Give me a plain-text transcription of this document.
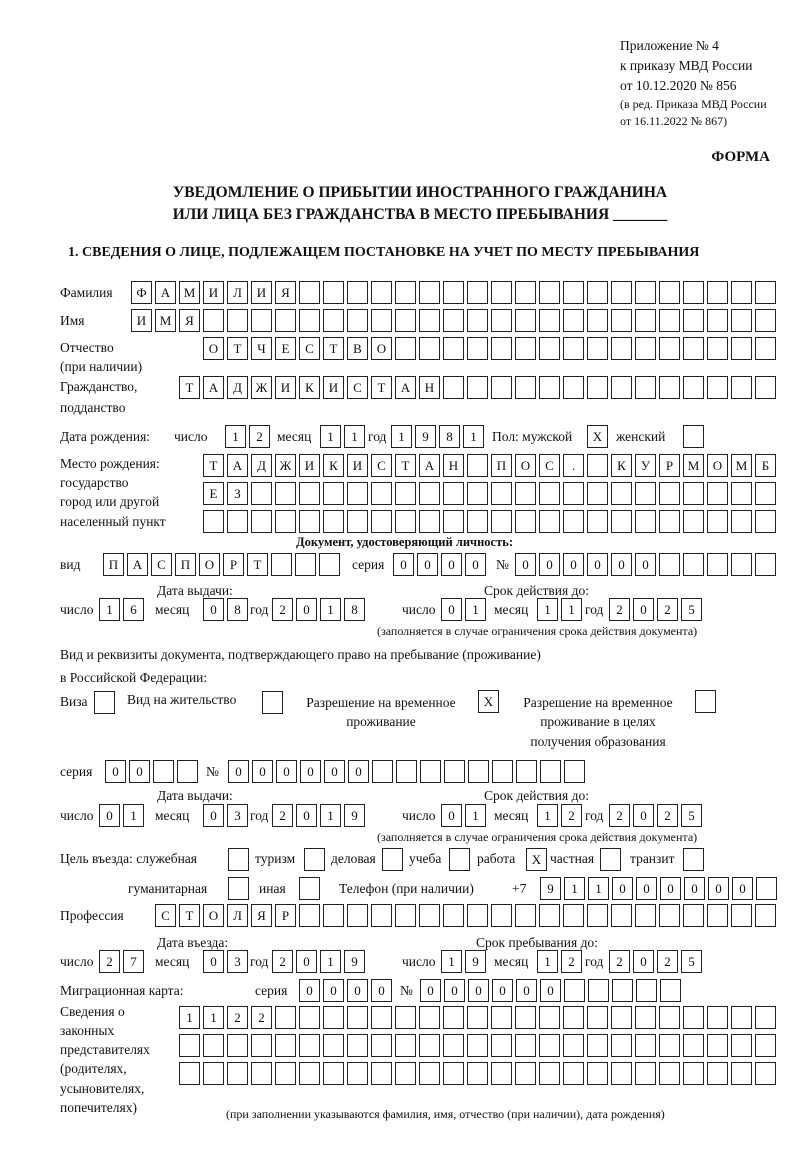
Приложение № 4
к приказу МВД России
от 10.12.2020 № 856
(в ред. Приказа МВД России
от 16.11.2022 № 867)
ФОРМА
УВЕДОМЛЕНИЕ О ПРИБЫТИИ ИНОСТРАННОГО ГРАЖДАНИНА
ИЛИ ЛИЦА БЕЗ ГРАЖДАНСТВА В МЕСТО ПРЕБЫВАНИЯ _______
1. СВЕДЕНИЯ О ЛИЦЕ, ПОДЛЕЖАЩЕМ ПОСТАНОВКЕ НА УЧЕТ ПО МЕСТУ ПРЕБЫВАНИЯ
Фамилия	Ф	А	М	И	Л	И	Я
Имя	И	М	Я
Отчество
(при наличии)
О	Т	Ч	Е	С	Т	В	О
Гражданство,
подданство
Т	А	Д	Ж	И	К	И	С	Т	А	Н
Дата рождения: число	1	2	месяц	1	1 год 1	9	8	1	Пол: мужской	X	женский
Место рождения:
государство
город или другой
населенный пункт
Т	А	Д	Ж	И	К	И	С	Т	А	Н	П	О	С	.	К	У	Р	М	О	М	Б
Е	З
Документ, удостоверяющий личность:
вид	П	А	С	П	О	Р	Т	серия	0	0	0	0	№	0	0	0	0	0	0
Дата выдачи:	Срок действия до:
число 1	6	месяц	0	8 год 2	0	1	8	число 0	1	месяц	1	1 год 2	0	2	5
(заполняется в случае ограничения срока действия документа)
Вид и реквизиты документа, подтверждающего право на пребывание (проживание)
в Российской Федерации:
Виза	Вид на жительство	Разрешение на временное
проживание
X	Разрешение на временное
проживание в целях
получения образования
серия	0	0	№	0	0	0	0	0	0
Дата выдачи:	Срок действия до:
число 0	1	месяц	0	3 год 2	0	1	9	число 0	1	месяц	1	2 год 2	0	2	5
(заполняется в случае ограничения срока действия документа)
Цель въезда: служебная	туризм	деловая учеба	работа	X частная	транзит
гуманитарная	иная	Телефон (при наличии)	+7	9	1	1	0	0	0	0	0	0
Профессия	С	Т	О	Л	Я	Р
Дата въезда:	Срок пребывания до:
число 2	7	месяц	0	3 год 2	0	1	9	число 1	9	месяц	1	2 год 2	0	2	5
Миграционная карта:	серия	0	0	0	0	№	0	0	0	0	0	0
Сведения о
законных
представителях
(родителях,
усыновителях,
попечителях)
1	1	2	2
(при заполнении указываются фамилия, имя, отчество (при наличии), дата рождения)
